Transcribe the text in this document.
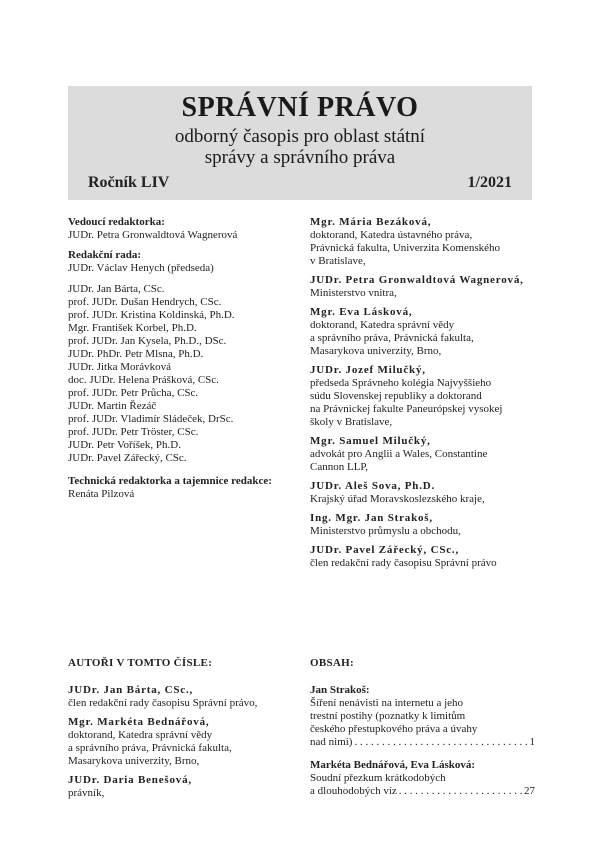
SPRÁVNÍ PRÁVO
odborný časopis pro oblast státní
správy a správního práva
Ročník LIV	1/2021

Vedoucí redaktorka:

JUDr. Petra Gronwaldtová Wagnerová

Redakční rada:

JUDr. Václav Henych (předseda)

JUDr. Jan Bárta, CSc.

prof. JUDr. Dušan Hendrych, CSc.

prof. JUDr. Kristina Koldinská, Ph.D.

Mgr. František Korbel, Ph.D.

prof. JUDr. Jan Kysela, Ph.D., DSc.

JUDr. PhDr. Petr Mlsna, Ph.D.

JUDr. Jitka Morávková

doc. JUDr. Helena Prášková, CSc.

prof. JUDr. Petr Průcha, CSc.

JUDr. Martin Řezáč

prof. JUDr. Vladimír Sládeček, DrSc.

prof. JUDr. Petr Tröster, CSc.

JUDr. Petr Voříšek, Ph.D.

JUDr. Pavel Zářecký, CSc.

Technická redaktorka a tajemnice redakce:

Renáta Pilzová

Mgr. Mária Bezáková,

doktorand, Katedra ústavného práva,

Právnická fakulta, Univerzita Komenského

v Bratislave,

JUDr. Petra Gronwaldtová Wagnerová,

Ministerstvo vnitra,

Mgr. Eva Lásková,

doktorand, Katedra správní vědy

a správního práva, Právnická fakulta,

Masarykova univerzity, Brno,

JUDr. Jozef Milučký,

předseda Správneho kolégia Najvyššieho

súdu Slovenskej republiky a doktorand

na Právnickej fakulte Paneurópskej vysokej

školy v Bratislave,

Mgr. Samuel Milučký,

advokát pro Anglii a Wales, Constantine

Cannon LLP,

JUDr. Aleš Sova, Ph.D.

Krajský úřad Moravskoslezského kraje,

Ing. Mgr. Jan Strakoš,

Ministerstvo průmyslu a obchodu,

JUDr. Pavel Zářecký, CSc.,

člen redakční rady časopisu Správní právo

AUTOŘI V TOMTO ČÍSLE:

JUDr. Jan Bárta, CSc.,

člen redakční rady časopisu Správní právo,

Mgr. Markéta Bednářová,

doktorand, Katedra správní vědy

a správního práva, Právnická fakulta,

Masarykova univerzity, Brno,

JUDr. Daria Benešová,

právník,

OBSAH:

Jan Strakoš:

Šíření nenávisti na internetu a jeho

trestní postihy (poznatky k limitům

českého přestupkového práva a úvahy

nad nimi) . . .	1

Markéta Bednářová, Eva Lásková:

Soudní přezkum krátkodobých

a dlouhodobých víz . . .	27
